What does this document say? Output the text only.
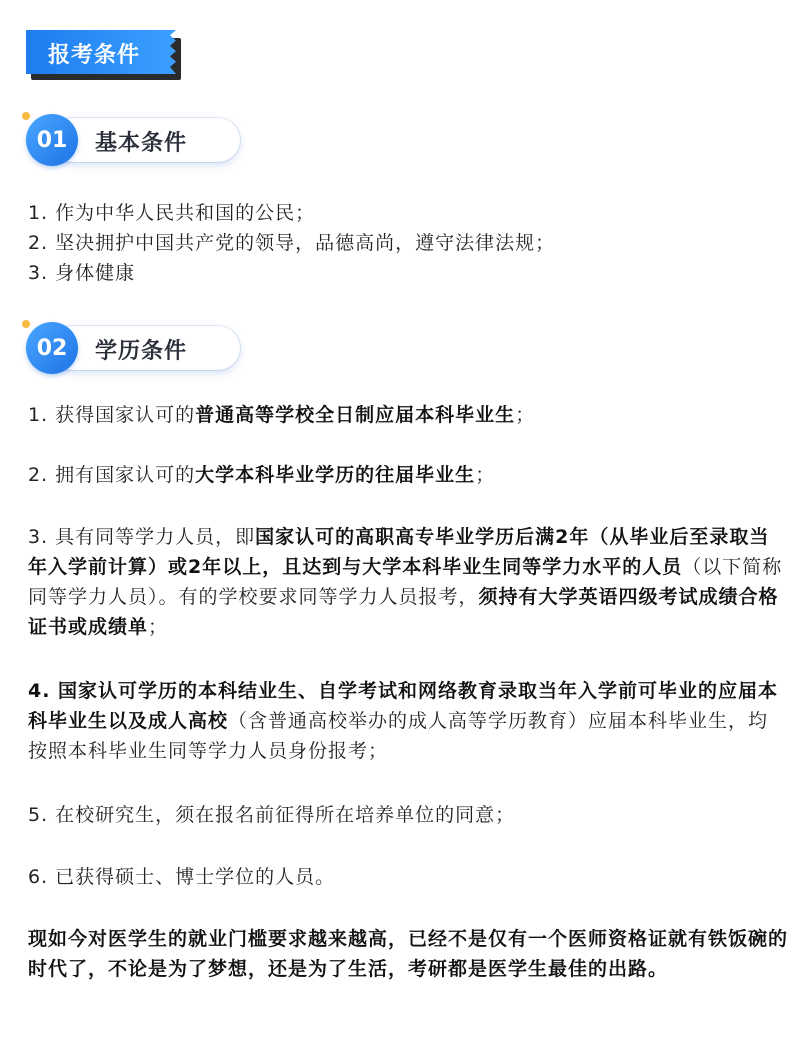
报考条件
01	基本条件
1. 作为中华人民共和国的公民；
2. 坚决拥护中国共产党的领导，品德高尚，遵守法律法规；
3. 身体健康
02	学历条件
1. 获得国家认可的普通高等学校全日制应届本科毕业生；
2. 拥有国家认可的大学本科毕业学历的往届毕业生；
3. 具有同等学力人员，即国家认可的高职高专毕业学历后满2年（从毕业后至录取当年入学前计算）或2年以上，且达到与大学本科毕业生同等学力水平的人员（以下简称同等学力人员）。有的学校要求同等学力人员报考，须持有大学英语四级考试成绩合格证书或成绩单；
4. 国家认可学历的本科结业生、自学考试和网络教育录取当年入学前可毕业的应届本科毕业生以及成人高校（含普通高校举办的成人高等学历教育）应届本科毕业生，均按照本科毕业生同等学力人员身份报考；
5. 在校研究生，须在报名前征得所在培养单位的同意；
6. 已获得硕士、博士学位的人员。
现如今对医学生的就业门槛要求越来越高，已经不是仅有一个医师资格证就有铁饭碗的时代了，不论是为了梦想，还是为了生活，考研都是医学生最佳的出路。
